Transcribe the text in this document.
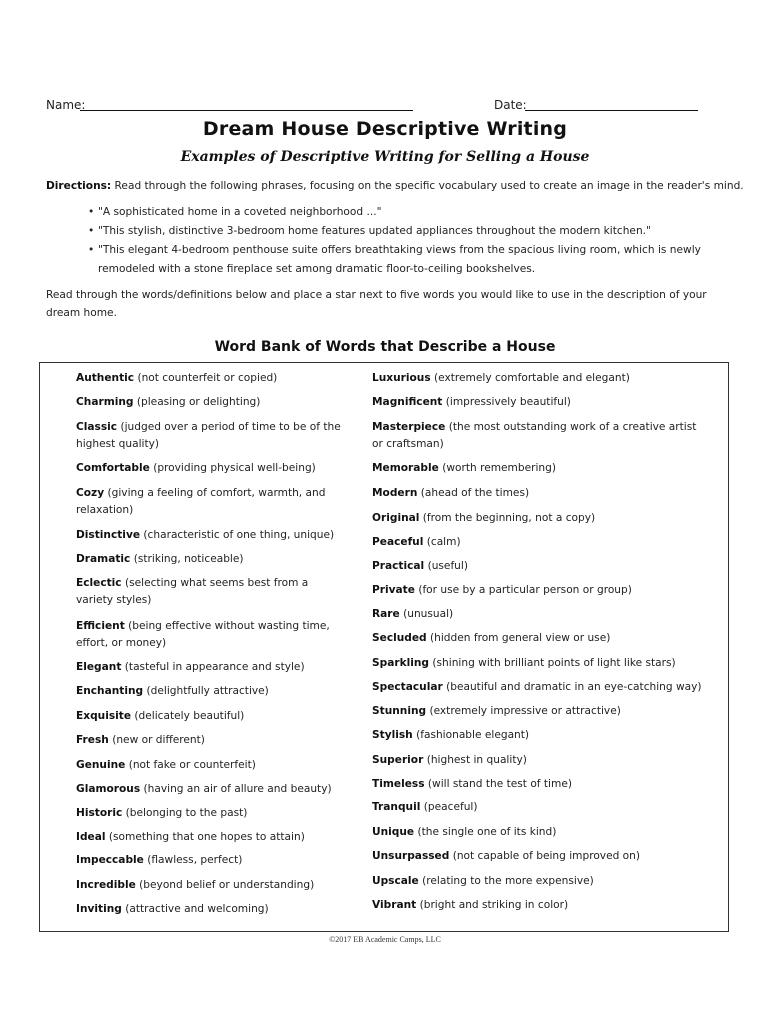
Name:	Date:
Dream House Descriptive Writing
Examples of Descriptive Writing for Selling a House
Directions: Read through the following phrases, focusing on the specific vocabulary used to create an image in the reader's mind.
• "A sophisticated home in a coveted neighborhood ..."
• "This stylish, distinctive 3-bedroom home features updated appliances throughout the modern kitchen."
• "This elegant 4-bedroom penthouse suite offers breathtaking views from the spacious living room, which is newly remodeled with a stone fireplace set among dramatic floor-to-ceiling bookshelves.
Read through the words/definitions below and place a star next to five words you would like to use in the description of your dream home.
Word Bank of Words that Describe a House
Authentic (not counterfeit or copied)
Charming (pleasing or delighting)
Classic (judged over a period of time to be of the highest quality)
Comfortable (providing physical well-being)
Cozy (giving a feeling of comfort, warmth, and relaxation)
Distinctive (characteristic of one thing, unique)
Dramatic (striking, noticeable)
Eclectic (selecting what seems best from a variety styles)
Efficient (being effective without wasting time, effort, or money)
Elegant (tasteful in appearance and style)
Enchanting (delightfully attractive)
Exquisite (delicately beautiful)
Fresh (new or different)
Genuine (not fake or counterfeit)
Glamorous (having an air of allure and beauty)
Historic (belonging to the past)
Ideal (something that one hopes to attain)
Impeccable (flawless, perfect)
Incredible (beyond belief or understanding)
Inviting (attractive and welcoming)
Luxurious (extremely comfortable and elegant)
Magnificent (impressively beautiful)
Masterpiece (the most outstanding work of a creative artist or craftsman)
Memorable (worth remembering)
Modern (ahead of the times)
Original (from the beginning, not a copy)
Peaceful (calm)
Practical (useful)
Private (for use by a particular person or group)
Rare (unusual)
Secluded (hidden from general view or use)
Sparkling (shining with brilliant points of light like stars)
Spectacular (beautiful and dramatic in an eye-catching way)
Stunning (extremely impressive or attractive)
Stylish (fashionable elegant)
Superior (highest in quality)
Timeless (will stand the test of time)
Tranquil (peaceful)
Unique (the single one of its kind)
Unsurpassed (not capable of being improved on)
Upscale (relating to the more expensive)
Vibrant (bright and striking in color)
©2017 EB Academic Camps, LLC
